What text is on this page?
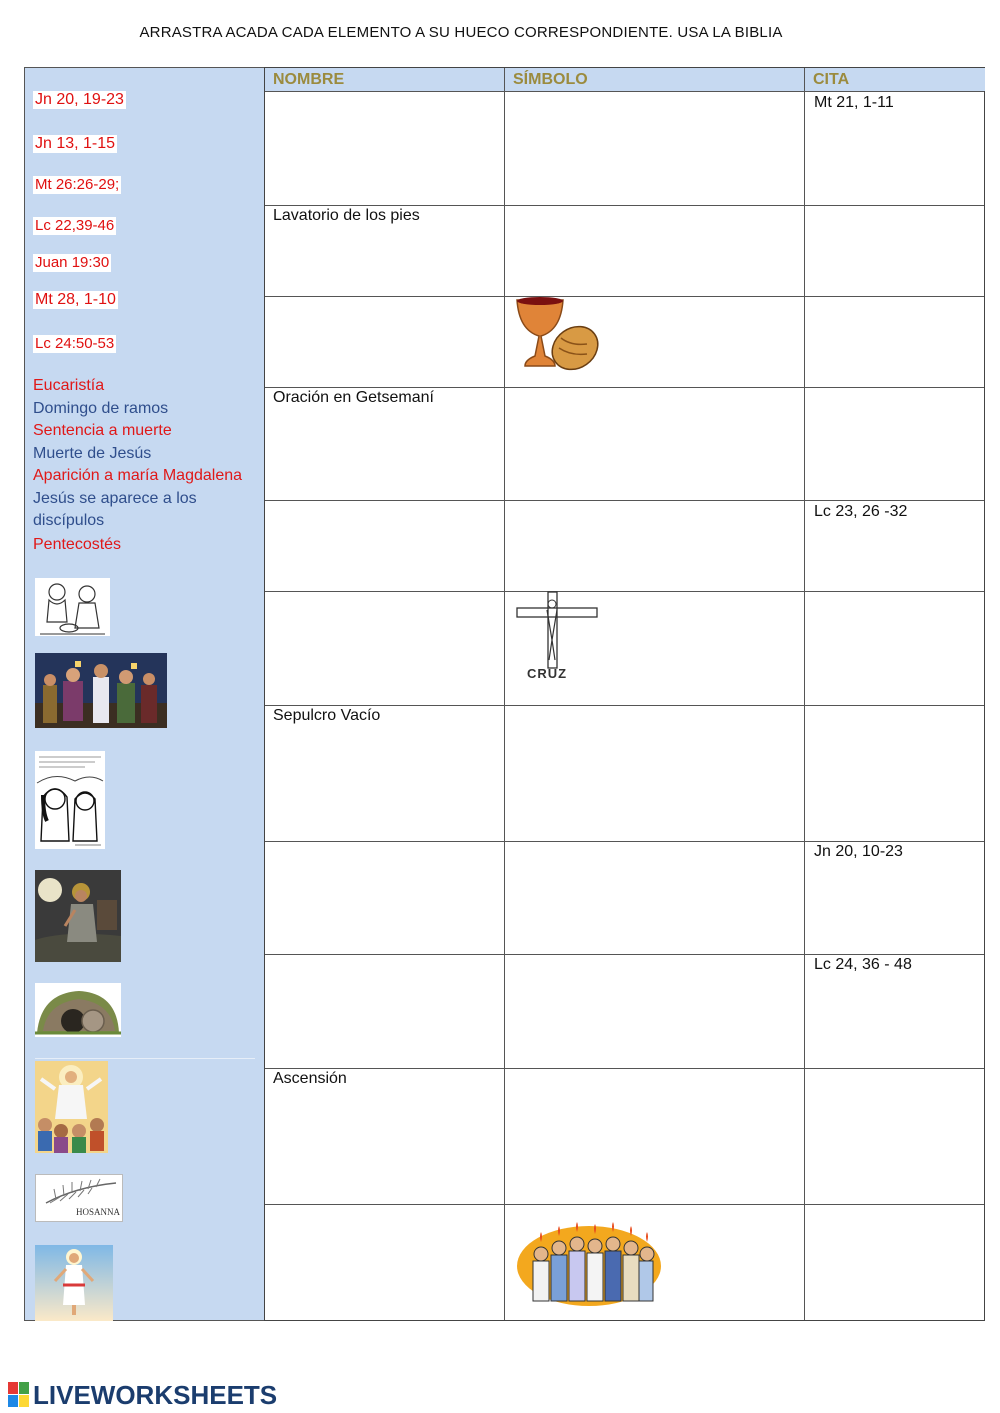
ARRASTRA ACADA CADA ELEMENTO A SU HUECO CORRESPONDIENTE. USA LA BIBLIA
Jn 20, 19-23
Jn 13, 1-15
Mt 26:26-29;
Lc 22,39-46
Juan 19:30
Mt 28, 1-10
Lc 24:50-53
Eucaristía
Domingo de ramos
Sentencia a muerte
Muerte de Jesús
Aparición a maría Magdalena
Jesús se aparece a los
discípulos
Pentecostés
HOSANNA
NOMBRE	SÍMBOLO	CITA
Mt 21, 1-11
Lavatorio de los pies
Oración en Getsemaní
Lc 23, 26 -32
CRUZ
Sepulcro Vacío
Jn 20, 10-23
Lc 24, 36 - 48
Ascensión
LIVEWORKSHEETS
